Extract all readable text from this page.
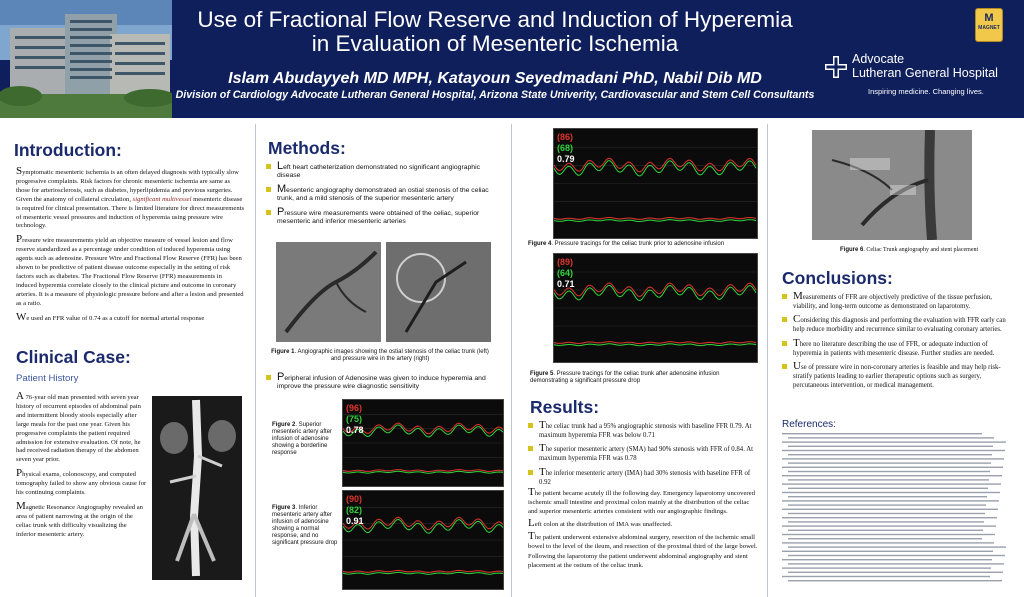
Use of Fractional Flow Reserve and Induction of Hyperemia
in Evaluation of Mesenteric Ischemia
Islam Abudayyeh MD MPH, Katayoun Seyedmadani PhD, Nabil Dib MD
Division of Cardiology Advocate Lutheran General Hospital, Arizona State Univerity, Cardiovascular and Stem Cell Consultants
M
MAGNET
Advocate
Lutheran General Hospital
Inspiring medicine. Changing lives.
Introduction:

Symptomatic mesenteric ischemia is an often delayed diagnosis with typically slow progressive complaints. Risk factors for chronic mesenteric ischemia are same as those for arteriosclerosis, such as diabetes, hyperlipidemia and previous surgeries. Given the anatomy of collateral circulation, significant multivessel mesenteric disease is required for clinical presentation. There is limited literature for direct measurements of mesenteric vessel pressures and induction of hyperemia using pressure wire technology.

Pressure wire measurements yield an objective measure of vessel lesion and flow reserve standardized as a percentage under condition of induced hyperemia using agents such as adenosine. Pressure Wire and Fractional Flow Reserve (FFR) has been shown to be predictive of patient disease outcome especially in the setting of risk factors such as diabetes. The Fractional Flow Reserve (FFR) measurements in induced hyperemia correlate closely to the clinical picture and outcome in coronary arteries. It is a measure of physiologic pressure before and after a lesion and presented as a ratio.

We used an FFR value of 0.74 as a cutoff for normal arterial response

Clinical Case:
Patient History

A 76-year old man presented with seven year history of recurrent episodes of abdominal pain and intermittent bloody stools especially after large meals for the past one year. Given his progressive complaints the patient required admission for extensive evaluation. Of note, he had received radiation therapy of the abdomen seven year prior.

Physical exams, colonoscopy, and computed tomography failed to show any obvious cause for his continuing complaints.

Magnetic Resonance Angiography revealed an area of patient narrowing at the origin of the celiac trunk with difficulty visualizing the inferior mesenteric artery.

Methods:
Left heart catheterization demonstrated no significant angiographic disease
Mesenteric angiography demonstrated an ostial stenosis of the celiac trunk, and a mild stenosis of the superior mesenteric artery
Pressure wire measurements were obtained of the celiac, superior mesenteric and inferior mesenteric arteries
Figure 1. Angiographic images showing the ostial stenosis of the celiac trunk (left) and pressure wire in the artery (right)
Peripheral infusion of Adenosine was given to induce hyperemia and improve the pressure wire diagnostic sensitivity
Figure 2. Superior mesenteric artery after infusion of adenosine showing a borderline response
(96)
(75)
0.78
(90)
(82)
0.91
Figure 3. Inferior mesenteric artery after infusion of adenosine showing a normal response, and no significant pressure drop
(86)
(68)
0.79
Figure 4. Pressure tracings for the celiac trunk prior to adenosine infusion
(89)
(64)
0.71
Figure 5. Pressure tracings for the celiac trunk after adenosine infusion demonstrating a significant pressure drop
Results:
The celiac trunk had a 95% angiographic stenosis with baseline FFR 0.79. At maximum hyperemia FFR was below 0.71
The superior mesenteric artery (SMA) had 90% stenosis with FFR of 0.84. At maximum hyperemia FFR was 0.78
The inferior mesenteric artery (IMA) had 30% stenosis with baseline FFR of 0.92

The patient became acutely ill the following day. Emergency laparotomy uncovered ischemic small intestine and proximal colon mainly at the distribution of the celiac and superior mesenteric arteries consistent with our angiographic findings.

Left colon at the distribution of IMA was unaffected.

The patient underwent extensive abdominal surgery, resection of the ischemic small bowel to the level of the ileum, and resection of the proximal third of the large bowel.

Following the laparotomy the patient underwent abdominal angiography and stent placement at the ostium of the celiac trunk.

Figure 6. Celiac Trunk angiography and stent placement
Conclusions:
Measurements of FFR are objectively predictive of the tissue perfusion, viability, and long-term outcome as demonstrated on laparotomy.
Considering this diagnosis and performing the evaluation with FFR early can help reduce morbidity and recurrence similar to evaluating coronary arteries.
There no literature describing the use of FFR, or adequate induction of hyperemia in patients with mesenteric disease. Further studies are needed.
Use of pressure wire in non-coronary arteries is feasible and may help risk-stratify patients leading to earlier therapeutic options such as surgery, percutaneous intervention, or medical management.
References:
